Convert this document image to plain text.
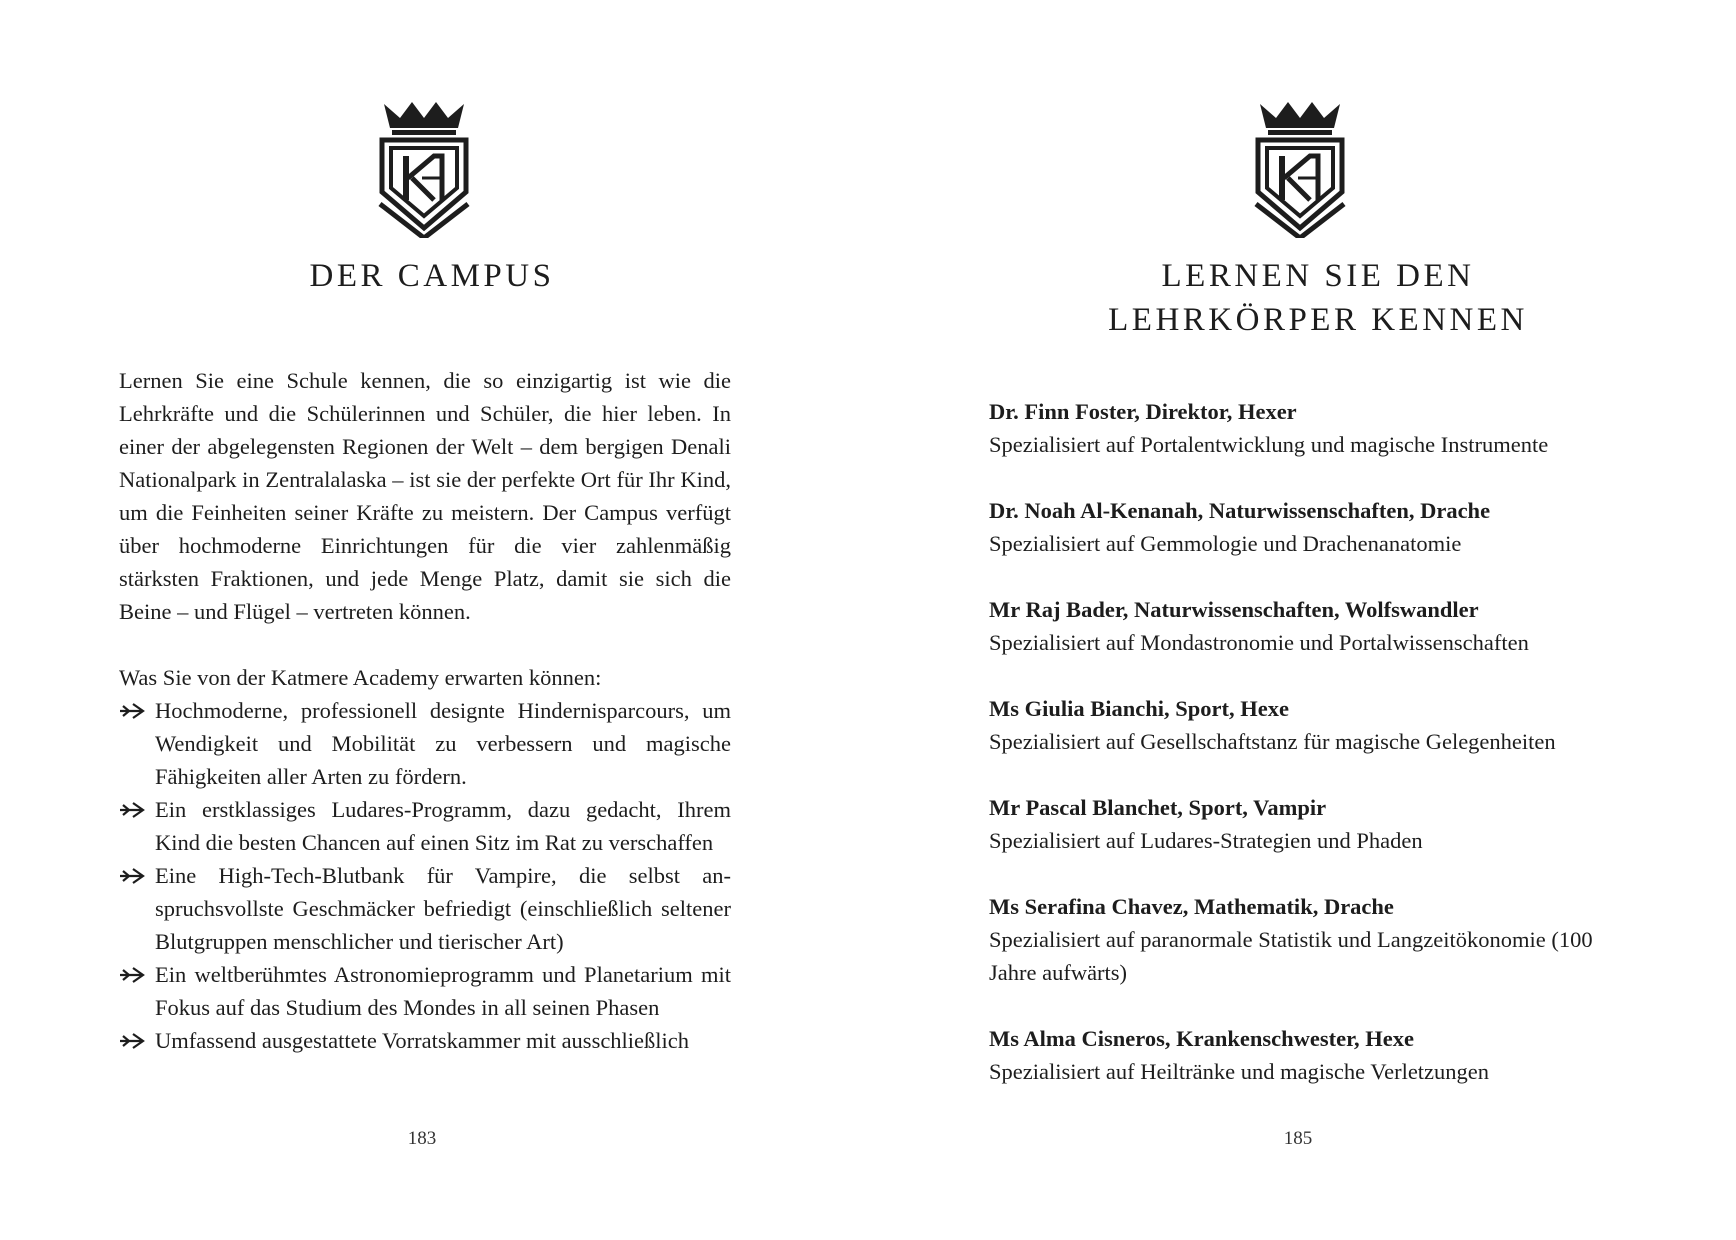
DER CAMPUS

Lernen Sie eine Schule kennen, die so einzigartig ist wie die Lehrkräfte und die Schülerinnen und Schüler, die hier leben. In einer der abgelegensten Regionen der Welt – dem bergigen Denali Nationalpark in Zentralalaska – ist sie der perfekte Ort für Ihr Kind, um die Feinheiten seiner Kräfte zu meistern. Der Campus verfügt über hochmoderne Einrichtungen für die vier zahlenmäßig stärksten Fraktionen, und jede Menge Platz, damit sie sich die Beine – und Flügel – vertreten können.

Was Sie von der Katmere Academy erwarten können:

Hochmoderne, professionell designte Hindernisparcours, um Wendigkeit und Mobilität zu verbessern und magische Fähigkeiten aller Arten zu fördern.
Ein erstklassiges Ludares-Programm, dazu gedacht, Ihrem Kind die besten Chancen auf einen Sitz im Rat zu verschaffen
Eine High-Tech-Blutbank für Vampire, die selbst anspruchsvollste Geschmäcker befriedigt (einschließlich seltener Blutgruppen menschlicher und tierischer Art)
Ein weltberühmtes Astronomieprogramm und Planetarium mit Fokus auf das Studium des Mondes in all seinen Phasen
Umfassend ausgestattete Vorratskammer mit ausschließlich
183
LERNEN SIE DEN
LEHRKÖRPER KENNEN
Dr. Finn Foster, Direktor, Hexer
Spezialisiert auf Portalentwicklung und magische Instrumente
Dr. Noah Al-Kenanah, Naturwissenschaften, Drache
Spezialisiert auf Gemmologie und Drachenanatomie
Mr Raj Bader, Naturwissenschaften, Wolfswandler
Spezialisiert auf Mondastronomie und Portalwissenschaften
Ms Giulia Bianchi, Sport, Hexe
Spezialisiert auf Gesellschaftstanz für magische Gelegenheiten
Mr Pascal Blanchet, Sport, Vampir
Spezialisiert auf Ludares-Strategien und Phaden
Ms Serafina Chavez, Mathematik, Drache
Spezialisiert auf paranormale Statistik und Langzeitökonomie (100 Jahre aufwärts)
Ms Alma Cisneros, Krankenschwester, Hexe
Spezialisiert auf Heiltränke und magische Verletzungen
185
